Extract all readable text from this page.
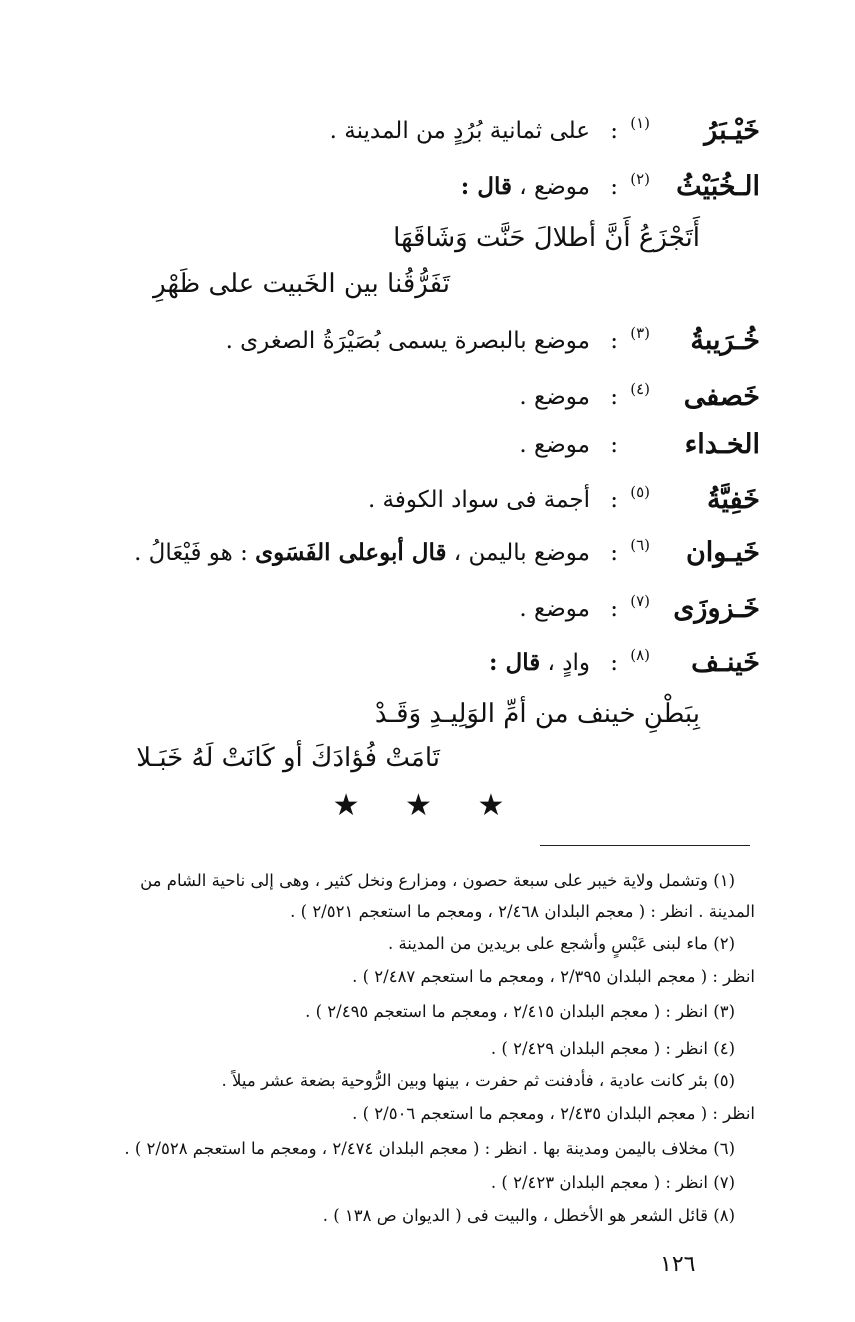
خَيْـبَرُ
(١)
:
على ثمانية بُرُدٍ من المدينة .
الـخُبَيْثُ
(٢)
:
موضع ، قال :
أَتَجْزَعُ أَنَّ أطلالَ حَنَّت وَشَاقَهَا
تَفَرُّقُنا بين الخَبيت على ظَهْرِ
خُـرَيبةُ
(٣)
:
موضع بالبصرة يسمى بُصَيْرَةُ الصغرى .
خَصفى
(٤)
:
موضع .
الخـداء
:
موضع .
خَفِيَّةُ
(٥)
:
أجمة فى سواد الكوفة .
خَيـوان
(٦)
:
موضع باليمن ، قال أبوعلى الفَسَوى : هو فَيْعَالُ .
خَـزوزَى
(٧)
:
موضع .
خَينـف
(٨)
:
وادٍ ، قال :
بِبَطْنِ خينف من أمِّ الوَلِيـدِ وَقَـدْ
تَامَتْ فُؤادَكَ أو كَانَتْ لَهُ خَبَـلا
★ ★ ★
(١) وتشمل ولاية خيبر على سبعة حصون ، ومزارع ونخل كثير ، وهى إلى ناحية الشام من
المدينة . انظر : ( معجم البلدان ٢/٤٦٨ ، ومعجم ما استعجم ٢/٥٢١ ) .
(٢) ماء لبنى عَبْسٍ وأشجع على بريدين من المدينة .
انظر : ( معجم البلدان ٢/٣٩٥ ، ومعجم ما استعجم ٢/٤٨٧ ) .
(٣) انظر : ( معجم البلدان ٢/٤١٥ ، ومعجم ما استعجم ٢/٤٩٥ ) .
(٤) انظر : ( معجم البلدان ٢/٤٢٩ ) .
(٥) بئر كانت عادية ، فأدفنت ثم حفرت ، بينها وبين الرُّوحية بضعة عشر ميلاً .
انظر : ( معجم البلدان ٢/٤٣٥ ، ومعجم ما استعجم ٢/٥٠٦ ) .
(٦) مخلاف باليمن ومدينة بها . انظر : ( معجم البلدان ٢/٤٧٤ ، ومعجم ما استعجم ٢/٥٢٨ ) .
(٧) انظر : ( معجم البلدان ٢/٤٢٣ ) .
(٨) قائل الشعر هو الأخطل ، والبيت فى ( الديوان ص ١٣٨ ) .
١٢٦
